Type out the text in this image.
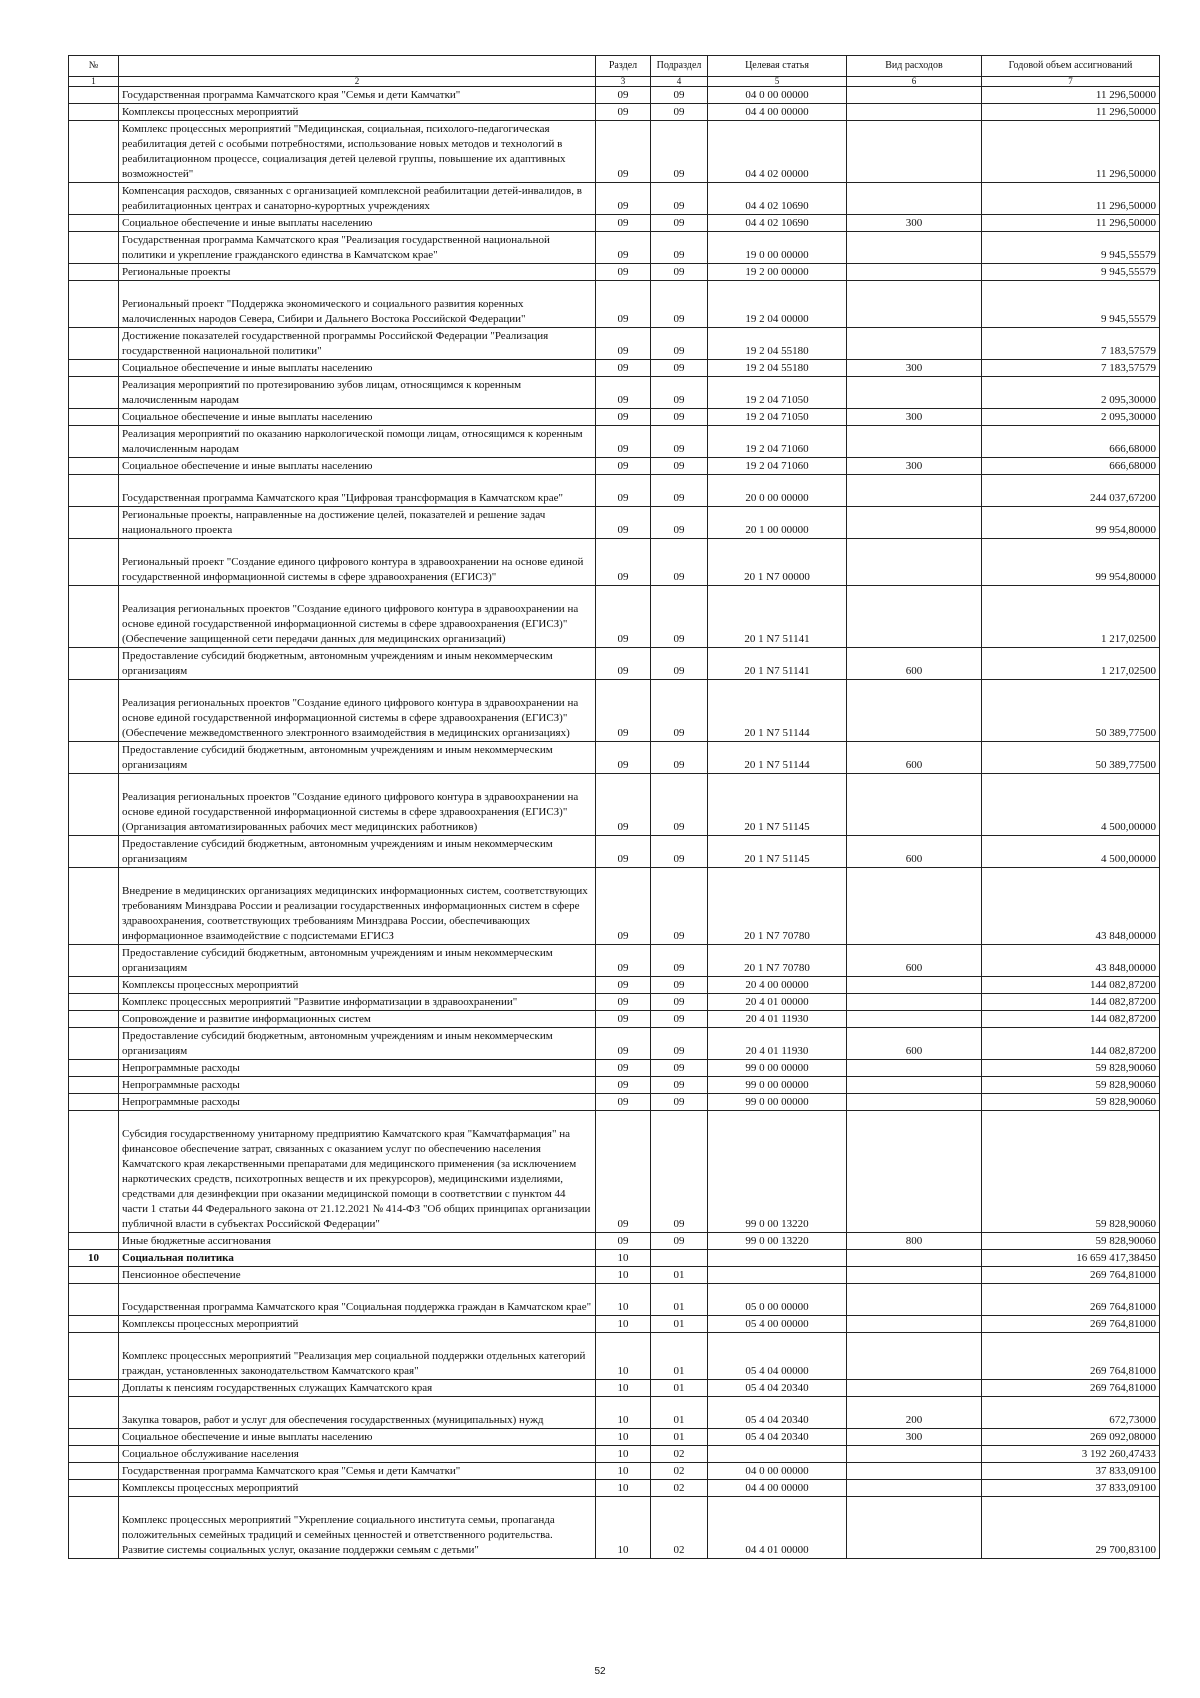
№		Раздел	Подраздел	Целевая статья	Вид расходов	Годовой объем ассигнований
1	2	3	4	5	6	7
	Государственная программа Камчатского края "Семья и дети Камчатки"	09	09	04 0 00 00000		11 296,50000
	Комплексы процессных мероприятий	09	09	04 4 00 00000		11 296,50000
	Комплекс процессных мероприятий "Медицинская, социальная, психолого-педагогическая реабилитация детей с особыми потребностями, использование новых методов и технологий в реабилитационном процессе, социализация детей целевой группы, повышение их адаптивных возможностей"	09	09	04 4 02 00000		11 296,50000
	Компенсация расходов, связанных с организацией комплексной реабилитации детей-инвалидов, в реабилитационных центрах и санаторно-курортных учреждениях	09	09	04 4 02 10690		11 296,50000
	Социальное обеспечение и иные выплаты населению	09	09	04 4 02 10690	300	11 296,50000
	Государственная программа Камчатского края "Реализация государственной национальной политики и укрепление гражданского единства в Камчатском крае"	09	09	19 0 00 00000		9 945,55579
	Региональные проекты	09	09	19 2 00 00000		9 945,55579
	Региональный проект "Поддержка экономического и социального развития коренных малочисленных народов Севера, Сибири и Дальнего Востока Российской Федерации"	09	09	19 2 04 00000		9 945,55579
	Достижение показателей государственной программы Российской Федерации "Реализация государственной национальной политики"	09	09	19 2 04 55180		7 183,57579
	Социальное обеспечение и иные выплаты населению	09	09	19 2 04 55180	300	7 183,57579
	Реализация мероприятий по протезированию зубов лицам, относящимся к коренным малочисленным народам	09	09	19 2 04 71050		2 095,30000
	Социальное обеспечение и иные выплаты населению	09	09	19 2 04 71050	300	2 095,30000
	Реализация мероприятий по оказанию наркологической помощи лицам, относящимся к коренным малочисленным народам	09	09	19 2 04 71060		666,68000
	Социальное обеспечение и иные выплаты населению	09	09	19 2 04 71060	300	666,68000
	Государственная программа Камчатского края "Цифровая трансформация в Камчатском крае"	09	09	20 0 00 00000		244 037,67200
	Региональные проекты, направленные на достижение целей, показателей и решение задач национального проекта	09	09	20 1 00 00000		99 954,80000
	Региональный проект "Создание единого цифрового контура в здравоохранении на основе единой государственной информационной системы в сфере здравоохранения (ЕГИСЗ)"	09	09	20 1 N7 00000		99 954,80000
	Реализация региональных проектов "Создание единого цифрового контура в здравоохранении на основе единой государственной информационной системы в сфере здравоохранения (ЕГИСЗ)" (Обеспечение защищенной сети передачи данных для медицинских организаций)	09	09	20 1 N7 51141		1 217,02500
	Предоставление субсидий бюджетным, автономным учреждениям и иным некоммерческим организациям	09	09	20 1 N7 51141	600	1 217,02500
	Реализация региональных проектов "Создание единого цифрового контура в здравоохранении на основе единой государственной информационной системы в сфере здравоохранения (ЕГИСЗ)" (Обеспечение межведомственного электронного взаимодействия в медицинских организациях)	09	09	20 1 N7 51144		50 389,77500
	Предоставление субсидий бюджетным, автономным учреждениям и иным некоммерческим организациям	09	09	20 1 N7 51144	600	50 389,77500
	Реализация региональных проектов "Создание единого цифрового контура в здравоохранении на основе единой государственной информационной системы в сфере здравоохранения (ЕГИСЗ)" (Организация автоматизированных рабочих мест медицинских работников)	09	09	20 1 N7 51145		4 500,00000
	Предоставление субсидий бюджетным, автономным учреждениям и иным некоммерческим организациям	09	09	20 1 N7 51145	600	4 500,00000
	Внедрение в медицинских организациях медицинских информационных систем, соответствующих требованиям Минздрава России и реализации государственных информационных систем в сфере здравоохранения, соответствующих требованиям Минздрава России, обеспечивающих информационное взаимодействие с подсистемами ЕГИСЗ	09	09	20 1 N7 70780		43 848,00000
	Предоставление субсидий бюджетным, автономным учреждениям и иным некоммерческим организациям	09	09	20 1 N7 70780	600	43 848,00000
	Комплексы процессных мероприятий	09	09	20 4 00 00000		144 082,87200
	Комплекс процессных мероприятий "Развитие информатизации в здравоохранении"	09	09	20 4 01 00000		144 082,87200
	Сопровождение и развитие информационных систем	09	09	20 4 01 11930		144 082,87200
	Предоставление субсидий бюджетным, автономным учреждениям и иным некоммерческим организациям	09	09	20 4 01 11930	600	144 082,87200
	Непрограммные расходы	09	09	99 0 00 00000		59 828,90060
	Непрограммные расходы	09	09	99 0 00 00000		59 828,90060
	Непрограммные расходы	09	09	99 0 00 00000		59 828,90060
	Субсидия государственному унитарному предприятию Камчатского края "Камчатфармация" на финансовое обеспечение затрат, связанных с оказанием услуг по обеспечению населения Камчатского края лекарственными препаратами для медицинского применения (за исключением наркотических средств, психотропных веществ и их прекурсоров), медицинскими изделиями, средствами для дезинфекции при оказании медицинской помощи в соответствии с пунктом 44 части 1 статьи 44 Федерального закона от 21.12.2021 № 414-ФЗ "Об общих принципах организации публичной власти в субъектах Российской Федерации"	09	09	99 0 00 13220		59 828,90060
	Иные бюджетные ассигнования	09	09	99 0 00 13220	800	59 828,90060
10	Социальная политика	10				16 659 417,38450
	Пенсионное обеспечение	10	01			269 764,81000
	Государственная программа Камчатского края "Социальная поддержка граждан в Камчатском крае"	10	01	05 0 00 00000		269 764,81000
	Комплексы процессных мероприятий	10	01	05 4 00 00000		269 764,81000
	Комплекс процессных мероприятий "Реализация мер социальной поддержки отдельных категорий граждан, установленных законодательством Камчатского края"	10	01	05 4 04 00000		269 764,81000
	Доплаты к пенсиям государственных служащих Камчатского края	10	01	05 4 04 20340		269 764,81000
	Закупка товаров, работ и услуг для обеспечения государственных (муниципальных) нужд	10	01	05 4 04 20340	200	672,73000
	Социальное обеспечение и иные выплаты населению	10	01	05 4 04 20340	300	269 092,08000
	Социальное обслуживание населения	10	02			3 192 260,47433
	Государственная программа Камчатского края "Семья и дети Камчатки"	10	02	04 0 00 00000		37 833,09100
	Комплексы процессных мероприятий	10	02	04 4 00 00000		37 833,09100
	Комплекс процессных мероприятий "Укрепление социального института семьи, пропаганда положительных семейных традиций и семейных ценностей и ответственного родительства. Развитие системы социальных услуг, оказание поддержки семьям с детьми"	10	02	04 4 01 00000		29 700,83100
52
